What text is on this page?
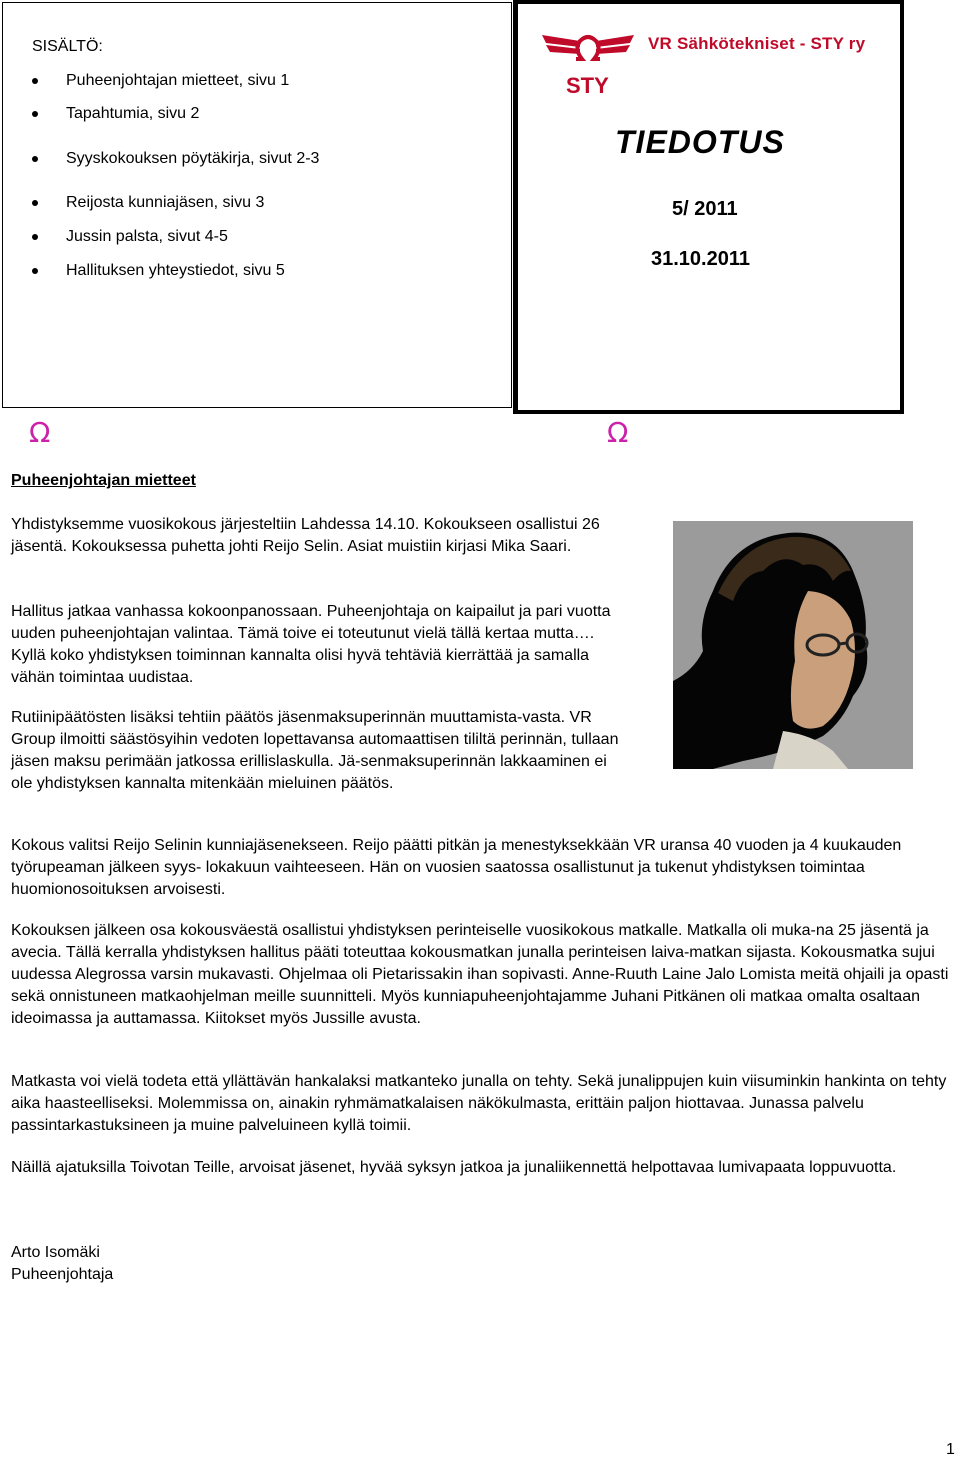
SISÄLTÖ:
Puheenjohtajan mietteet, sivu 1
Tapahtumia, sivu 2
Syyskokouksen pöytäkirja, sivut 2-3
Reijosta kunniajäsen, sivu 3
Jussin palsta, sivut 4-5
Hallituksen yhteystiedot, sivu 5
STY
VR Sähkötekniset - STY ry
TIEDOTUS
5/ 2011
31.10.2011
Ω	Ω
Puheenjohtajan mietteet
Yhdistyksemme vuosikokous järjesteltiin Lahdessa 14.10. Kokoukseen osallistui 26 jäsentä. Kokouksessa puhetta johti Reijo Selin. Asiat muistiin kirjasi Mika Saari.
Hallitus jatkaa vanhassa kokoonpanossaan. Puheenjohtaja on kaipailut ja pari vuotta uuden puheenjohtajan valintaa. Tämä toive ei toteutunut vielä tällä kertaa mutta…. Kyllä koko yhdistyksen toiminnan kannalta olisi hyvä tehtäviä kierrättää ja samalla vähän toimintaa uudistaa.
Rutiinipäätösten lisäksi tehtiin päätös jäsenmaksuperinnän muuttamista-vasta. VR Group ilmoitti säästösyihin vedoten lopettavansa automaattisen tililtä perinnän, tullaan jäsen maksu perimään jatkossa erillislaskulla. Jä-senmaksuperinnän lakkaaminen ei ole yhdistyksen kannalta mitenkään mieluinen päätös.
Kokous valitsi Reijo Selinin kunniajäsenekseen. Reijo päätti pitkän ja menestyksekkään VR uransa 40 vuoden ja 4 kuukauden työrupeaman jälkeen syys- lokakuun vaihteeseen. Hän on vuosien saatossa osallistunut ja tukenut yhdistyksen toimintaa huomionosoituksen arvoisesti.
Kokouksen jälkeen osa kokousväestä osallistui yhdistyksen perinteiselle vuosikokous matkalle. Matkalla oli muka-na 25 jäsentä ja avecia. Tällä kerralla yhdistyksen hallitus pääti toteuttaa kokousmatkan junalla perinteisen laiva-matkan sijasta. Kokousmatka sujui uudessa Alegrossa varsin mukavasti. Ohjelmaa oli Pietarissakin ihan sopivasti. Anne-Ruuth Laine Jalo Lomista meitä ohjaili ja opasti sekä onnistuneen matkaohjelman meille suunnitteli. Myös kunniapuheenjohtajamme Juhani Pitkänen oli matkaa omalta osaltaan ideoimassa ja auttamassa. Kiitokset myös Jussille avusta.
Matkasta voi vielä todeta että yllättävän hankalaksi matkanteko junalla on tehty. Sekä junalippujen kuin viisuminkin hankinta on tehty aika haasteelliseksi. Molemmissa on, ainakin ryhmämatkalaisen näkökulmasta, erittäin paljon hiottavaa. Junassa palvelu passintarkastuksineen ja muine palveluineen kyllä toimii.
Näillä ajatuksilla Toivotan Teille, arvoisat jäsenet, hyvää syksyn jatkoa ja junaliikennettä helpottavaa lumivapaata loppuvuotta.
Arto Isomäki
Puheenjohtaja
1
